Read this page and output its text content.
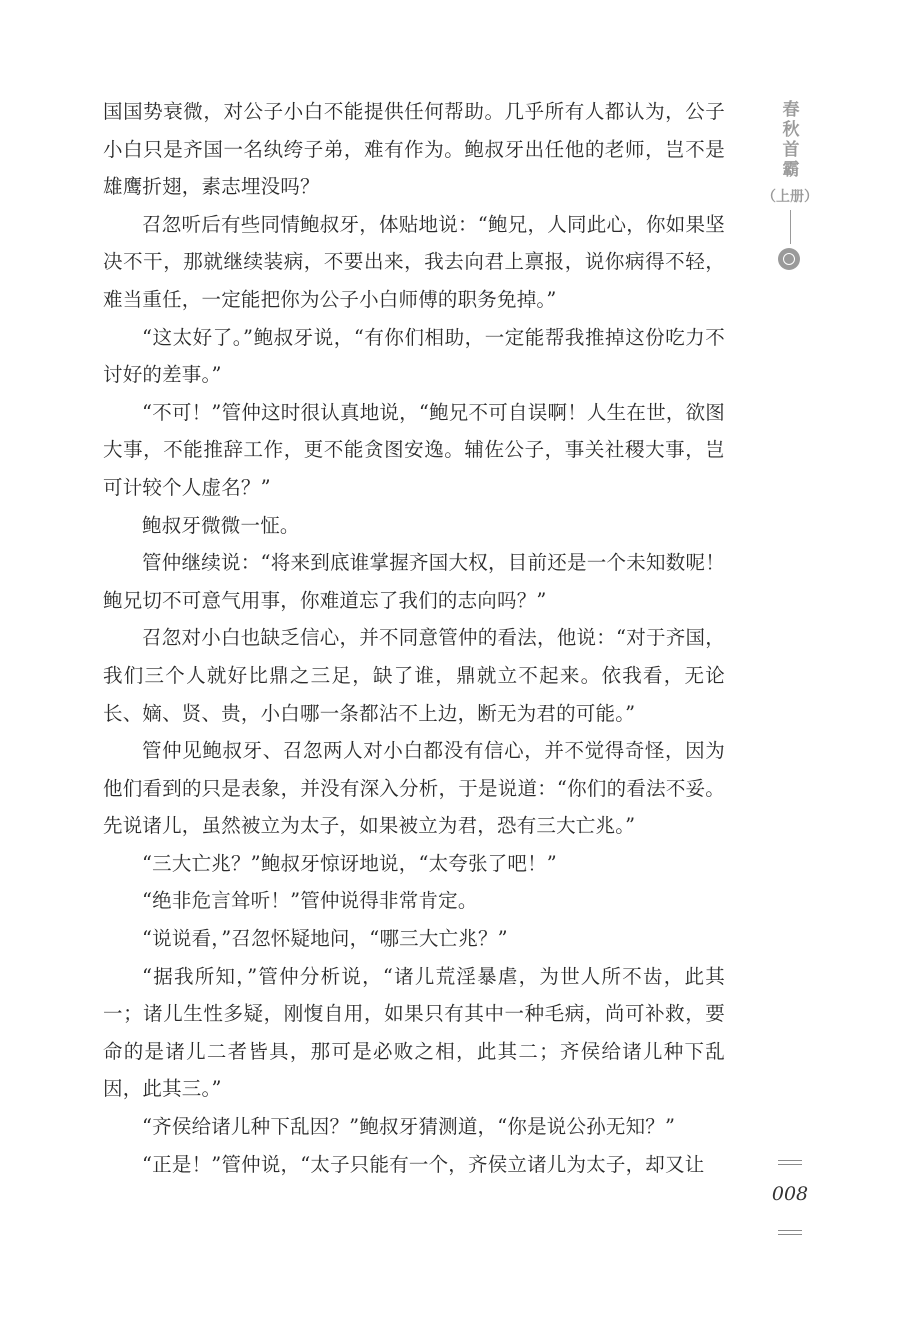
国国势衰微，对公子小白不能提供任何帮助。几乎所有人都认为，公子小白只是齐国一名纨绔子弟，难有作为。鲍叔牙出任他的老师，岂不是雄鹰折翅，素志埋没吗？

召忽听后有些同情鲍叔牙，体贴地说：“鲍兄，人同此心，你如果坚决不干，那就继续装病，不要出来，我去向君上禀报，说你病得不轻，难当重任，一定能把你为公子小白师傅的职务免掉。”

“这太好了。”鲍叔牙说，“有你们相助，一定能帮我推掉这份吃力不讨好的差事。”

“不可！”管仲这时很认真地说，“鲍兄不可自误啊！人生在世，欲图大事，不能推辞工作，更不能贪图安逸。辅佐公子，事关社稷大事，岂可计较个人虚名？”

鲍叔牙微微一怔。

管仲继续说：“将来到底谁掌握齐国大权，目前还是一个未知数呢！鲍兄切不可意气用事，你难道忘了我们的志向吗？”

召忽对小白也缺乏信心，并不同意管仲的看法，他说：“对于齐国，我们三个人就好比鼎之三足，缺了谁，鼎就立不起来。依我看，无论长、嫡、贤、贵，小白哪一条都沾不上边，断无为君的可能。”

管仲见鲍叔牙、召忽两人对小白都没有信心，并不觉得奇怪，因为他们看到的只是表象，并没有深入分析，于是说道：“你们的看法不妥。先说诸儿，虽然被立为太子，如果被立为君，恐有三大亡兆。”

“三大亡兆？”鲍叔牙惊讶地说，“太夸张了吧！”

“绝非危言耸听！”管仲说得非常肯定。

“说说看，”召忽怀疑地问，“哪三大亡兆？”

“据我所知，”管仲分析说，“诸儿荒淫暴虐，为世人所不齿，此其一；诸儿生性多疑，刚愎自用，如果只有其中一种毛病，尚可补救，要命的是诸儿二者皆具，那可是必败之相，此其二；齐侯给诸儿种下乱因，此其三。”

“齐侯给诸儿种下乱因？”鲍叔牙猜测道，“你是说公孙无知？”

“正是！”管仲说，“太子只能有一个，齐侯立诸儿为太子，却又让

春
秋
首
霸
（上册）
008
